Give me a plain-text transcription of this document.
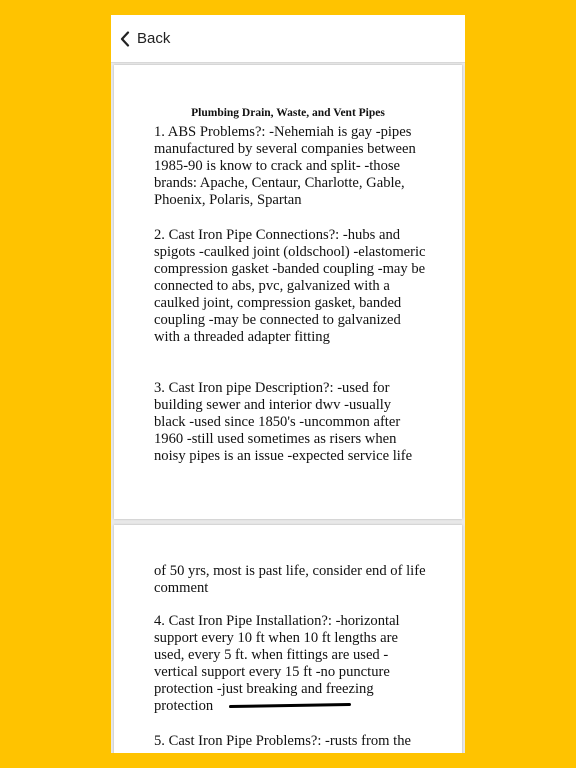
Back
Plumbing Drain, Waste, and Vent Pipes
1. ABS Problems?: -Nehemiah is gay -pipes manufactured by several companies between 1985-90 is know to crack and split- -those brands: Apache, Centaur, Charlotte, Gable, Phoenix, Polaris, Spartan
2. Cast Iron Pipe Connections?: -hubs and spigots -caulked joint (oldschool) -elastomeric compression gasket -banded coupling -may be connected to abs, pvc, galvanized with a caulked joint, compression gasket, banded coupling -may be connected to galvanized with a threaded adapter fitting
3. Cast Iron pipe Description?: -used for building sewer and interior dwv -usually black -used since 1850's -uncommon after 1960 -still used sometimes as risers when noisy pipes is an issue -expected service life
of 50 yrs, most is past life, consider end of life comment
4. Cast Iron Pipe Installation?: -horizontal support every 10 ft when 10 ft lengths are used, every 5 ft. when fittings are used -vertical support every 15 ft -no puncture protection -just breaking and freezing protection
5. Cast Iron Pipe Problems?: -rusts from the
